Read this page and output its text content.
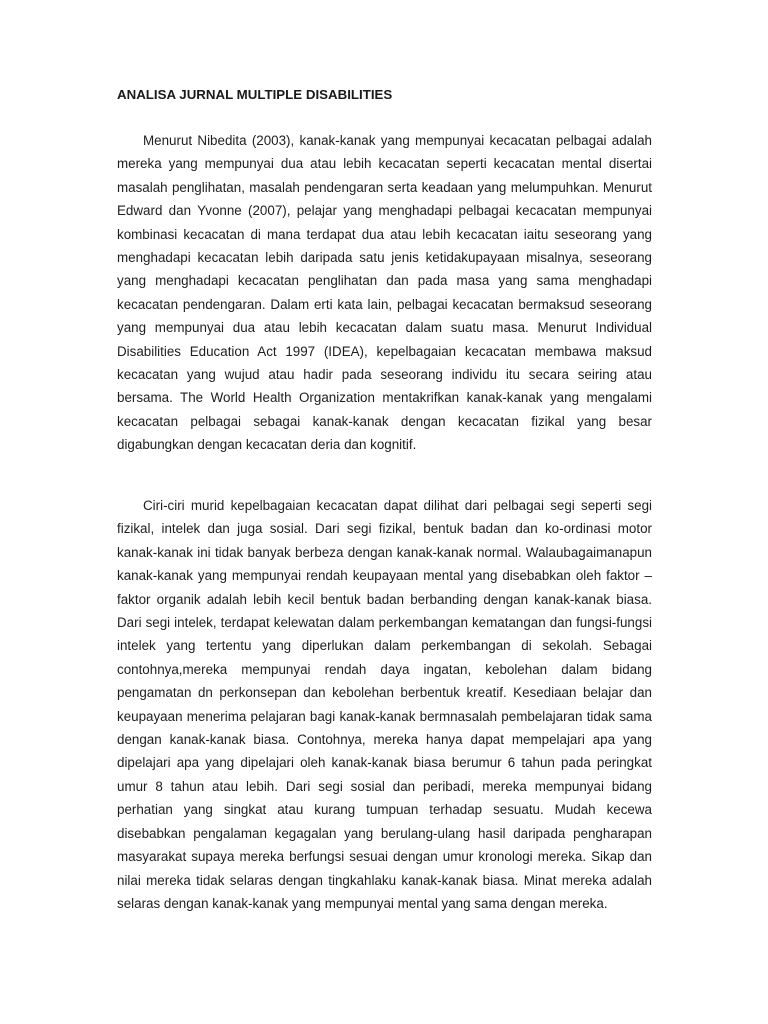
ANALISA JURNAL MULTIPLE DISABILITIES

Menurut Nibedita (2003), kanak-kanak yang mempunyai kecacatan pelbagai adalah mereka yang mempunyai dua atau lebih kecacatan seperti kecacatan mental disertai masalah penglihatan, masalah pendengaran serta keadaan yang melumpuhkan. Menurut Edward dan Yvonne (2007), pelajar yang menghadapi pelbagai kecacatan mempunyai kombinasi kecacatan di mana terdapat dua atau lebih kecacatan iaitu seseorang yang menghadapi kecacatan lebih daripada satu jenis ketidakupayaan misalnya, seseorang yang menghadapi kecacatan penglihatan dan pada masa yang sama menghadapi kecacatan pendengaran. Dalam erti kata lain, pelbagai kecacatan bermaksud seseorang yang mempunyai dua atau lebih kecacatan dalam suatu masa. Menurut Individual Disabilities Education Act 1997 (IDEA), kepelbagaian kecacatan membawa maksud kecacatan yang wujud atau hadir pada seseorang individu itu secara seiring atau bersama. The World Health Organization mentakrifkan kanak-kanak yang mengalami kecacatan pelbagai sebagai kanak-kanak dengan kecacatan fizikal yang besar digabungkan dengan kecacatan deria dan kognitif.

Ciri-ciri murid kepelbagaian kecacatan dapat dilihat dari pelbagai segi seperti segi fizikal, intelek dan juga sosial. Dari segi fizikal, bentuk badan dan ko-ordinasi motor kanak-kanak ini tidak banyak berbeza dengan kanak-kanak normal. Walaubagaimanapun kanak-kanak yang mempunyai rendah keupayaan mental yang disebabkan oleh faktor – faktor organik adalah lebih kecil bentuk badan berbanding dengan kanak-kanak biasa. Dari segi intelek, terdapat kelewatan dalam perkembangan kematangan dan fungsi-fungsi intelek yang tertentu yang diperlukan dalam perkembangan di sekolah. Sebagai contohnya,mereka mempunyai rendah daya ingatan, kebolehan dalam bidang pengamatan dn perkonsepan dan kebolehan berbentuk kreatif. Kesediaan belajar dan keupayaan menerima pelajaran bagi kanak-kanak bermnasalah pembelajaran tidak sama dengan kanak-kanak biasa. Contohnya, mereka hanya dapat mempelajari apa yang dipelajari apa yang dipelajari oleh kanak-kanak biasa berumur 6 tahun pada peringkat umur 8 tahun atau lebih. Dari segi sosial dan peribadi, mereka mempunyai bidang perhatian yang singkat atau kurang tumpuan terhadap sesuatu. Mudah kecewa disebabkan pengalaman kegagalan yang berulang-ulang hasil daripada pengharapan masyarakat supaya mereka berfungsi sesuai dengan umur kronologi mereka. Sikap dan nilai mereka tidak selaras dengan tingkahlaku kanak-kanak biasa. Minat mereka adalah selaras dengan kanak-kanak yang mempunyai mental yang sama dengan mereka.
